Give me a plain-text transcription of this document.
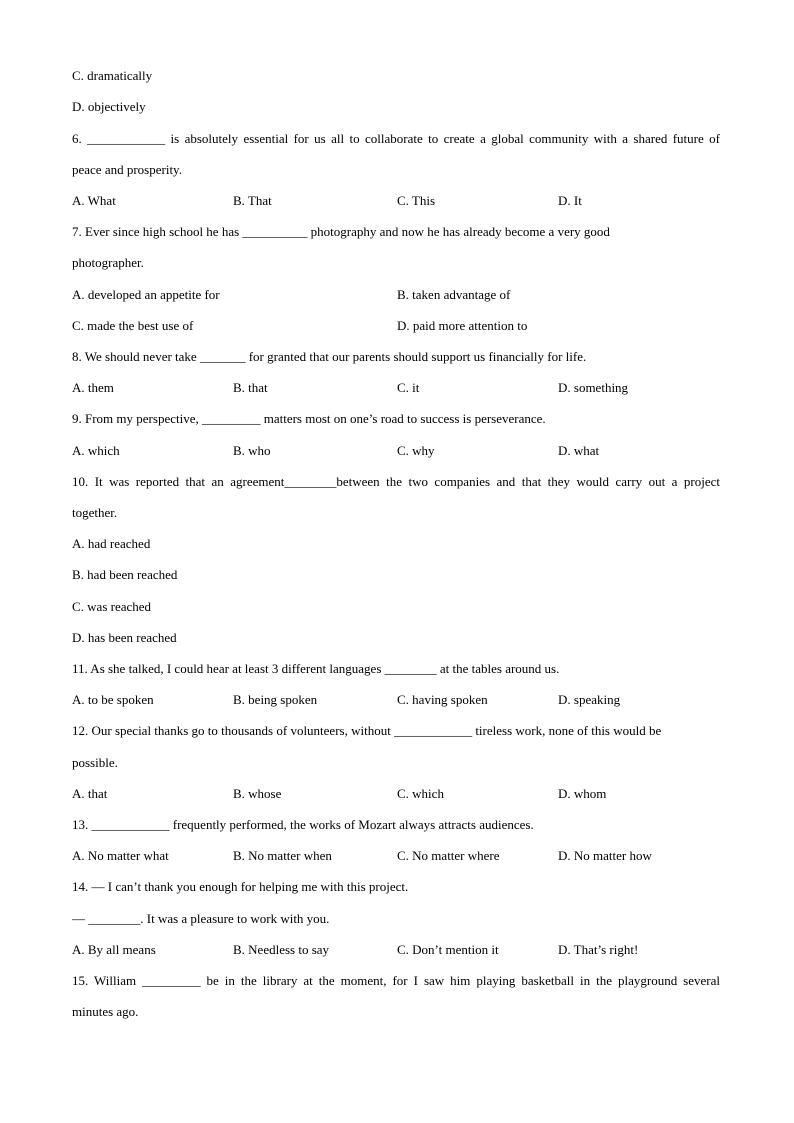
C. dramatically
D. objectively
6. ____________ is absolutely essential for us all to collaborate to create a global community with a shared future of
peace and prosperity.
A. What	B. That	C. This	D. It
7. Ever since high school he has __________ photography and now he has already become a very good
photographer.
A. developed an appetite for	B. taken advantage of
C. made the best use of	D. paid more attention to
8. We should never take _______ for granted that our parents should support us financially for life.
A. them	B. that	C. it	D. something
9. From my perspective, _________ matters most on one’s road to success is perseverance.
A. which	B. who	C. why	D. what
10. It was reported that an agreement________between the two companies and that they would carry out a project
together.
A. had reached
B. had been reached
C. was reached
D. has been reached
11. As she talked, I could hear at least 3 different languages ________ at the tables around us.
A. to be spoken	B. being spoken	C. having spoken	D. speaking
12. Our special thanks go to thousands of volunteers, without ____________ tireless work, none of this would be
possible.
A. that	B. whose	C. which	D. whom
13. ____________ frequently performed, the works of Mozart always attracts audiences.
A. No matter what	B. No matter when	C. No matter where	D. No matter how
14. — I can’t thank you enough for helping me with this project.
— ________. It was a pleasure to work with you.
A. By all means	B. Needless to say	C. Don’t mention it	D. That’s right!
15. William _________ be in the library at the moment, for I saw him playing basketball in the playground several
minutes ago.
